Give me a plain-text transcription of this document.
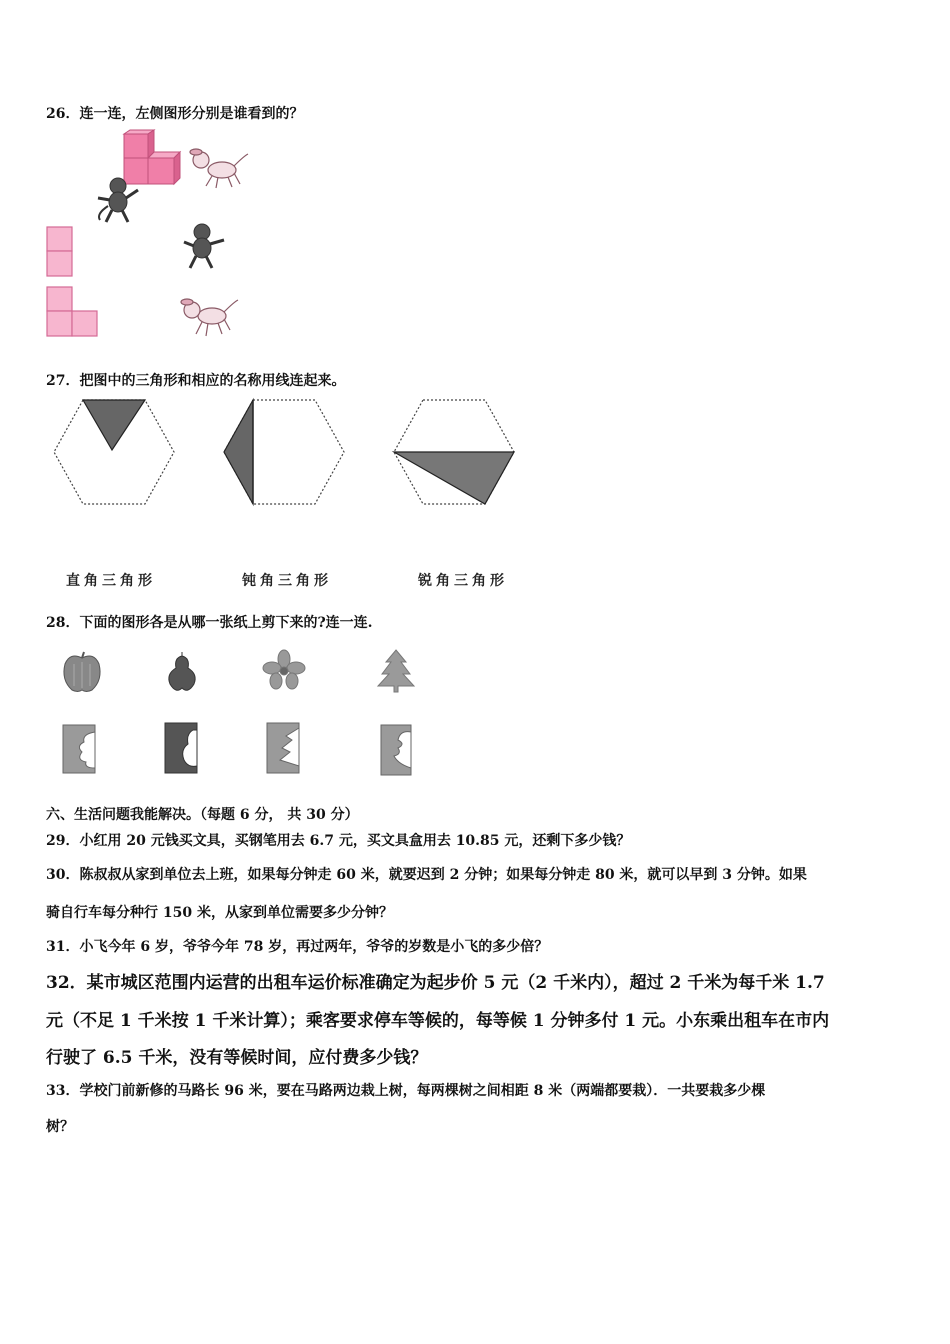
26．连一连，左侧图形分别是谁看到的？
27．把图中的三角形和相应的名称用线连起来。
直角三角形	钝角三角形	锐角三角形
28．下面的图形各是从哪一张纸上剪下来的?连一连.
六、生活问题我能解决。（每题 6 分， 共 30 分）
29．小红用 20 元钱买文具，买钢笔用去 6.7 元，买文具盒用去 10.85 元，还剩下多少钱？
30．陈叔叔从家到单位去上班，如果每分钟走 60 米，就要迟到 2 分钟；如果每分钟走 80 米，就可以早到 3 分钟。如果
骑自行车每分种行 150 米，从家到单位需要多少分钟？
31．小飞今年 6 岁，爷爷今年 78 岁，再过两年，爷爷的岁数是小飞的多少倍？
32．某市城区范围内运营的出租车运价标准确定为起步价 5 元（2 千米内），超过 2 千米为每千米 1.7
元（不足 1 千米按 1 千米计算）；乘客要求停车等候的，每等候 1 分钟多付 1 元。小东乘出租车在市内
行驶了 6.5 千米，没有等候时间，应付费多少钱？
33．学校门前新修的马路长 96 米，要在马路两边栽上树，每两棵树之间相距 8 米（两端都要栽）．一共要栽多少棵
树？
